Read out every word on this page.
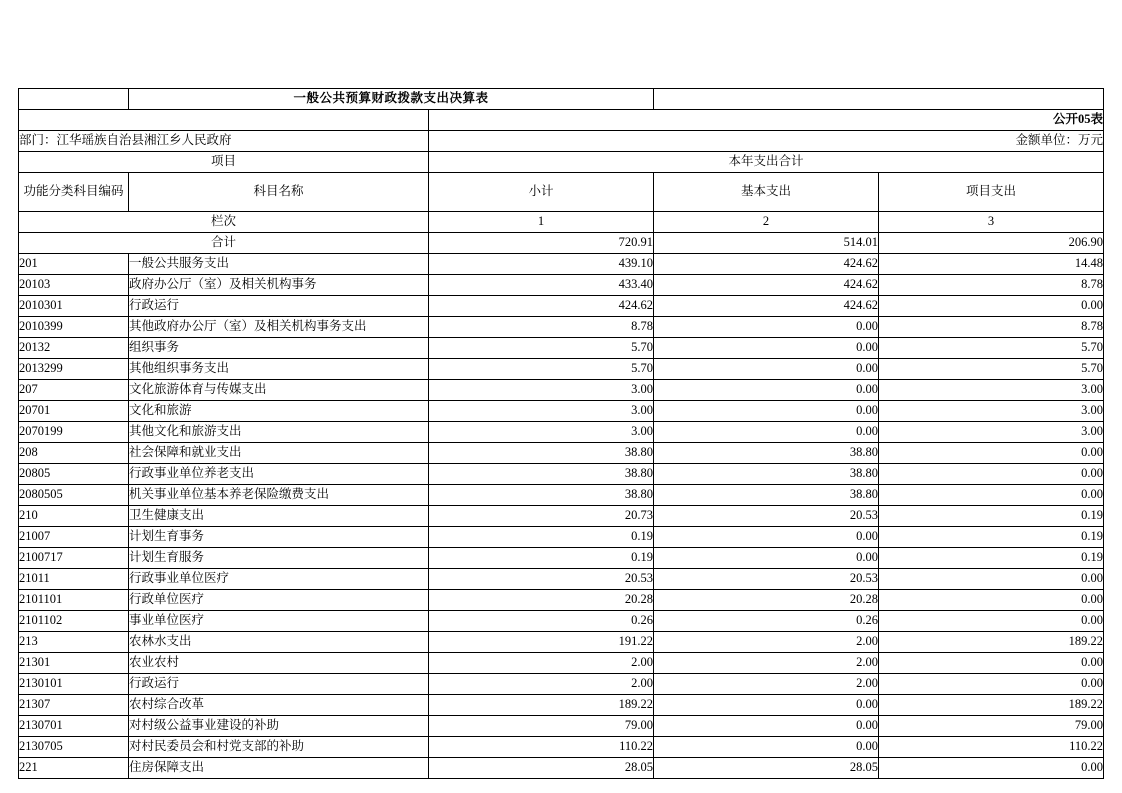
	一般公共预算财政拨款支出决算表			
		公开05表		
部门：江华瑶族自治县湘江乡人民政府		金额单位：万元		
项目		本年支出合计		
功能分类科目编码	科目名称	小计	基本支出	项目支出
栏次		1	2	3
合计		720.91	514.01	206.90
201	一般公共服务支出	439.10	424.62	14.48
20103	政府办公厅（室）及相关机构事务	433.40	424.62	8.78
2010301	行政运行	424.62	424.62	0.00
2010399	其他政府办公厅（室）及相关机构事务支出	8.78	0.00	8.78
20132	组织事务	5.70	0.00	5.70
2013299	其他组织事务支出	5.70	0.00	5.70
207	文化旅游体育与传媒支出	3.00	0.00	3.00
20701	文化和旅游	3.00	0.00	3.00
2070199	其他文化和旅游支出	3.00	0.00	3.00
208	社会保障和就业支出	38.80	38.80	0.00
20805	行政事业单位养老支出	38.80	38.80	0.00
2080505	机关事业单位基本养老保险缴费支出	38.80	38.80	0.00
210	卫生健康支出	20.73	20.53	0.19
21007	计划生育事务	0.19	0.00	0.19
2100717	计划生育服务	0.19	0.00	0.19
21011	行政事业单位医疗	20.53	20.53	0.00
2101101	行政单位医疗	20.28	20.28	0.00
2101102	事业单位医疗	0.26	0.26	0.00
213	农林水支出	191.22	2.00	189.22
21301	农业农村	2.00	2.00	0.00
2130101	行政运行	2.00	2.00	0.00
21307	农村综合改革	189.22	0.00	189.22
2130701	对村级公益事业建设的补助	79.00	0.00	79.00
2130705	对村民委员会和村党支部的补助	110.22	0.00	110.22
221	住房保障支出	28.05	28.05	0.00
